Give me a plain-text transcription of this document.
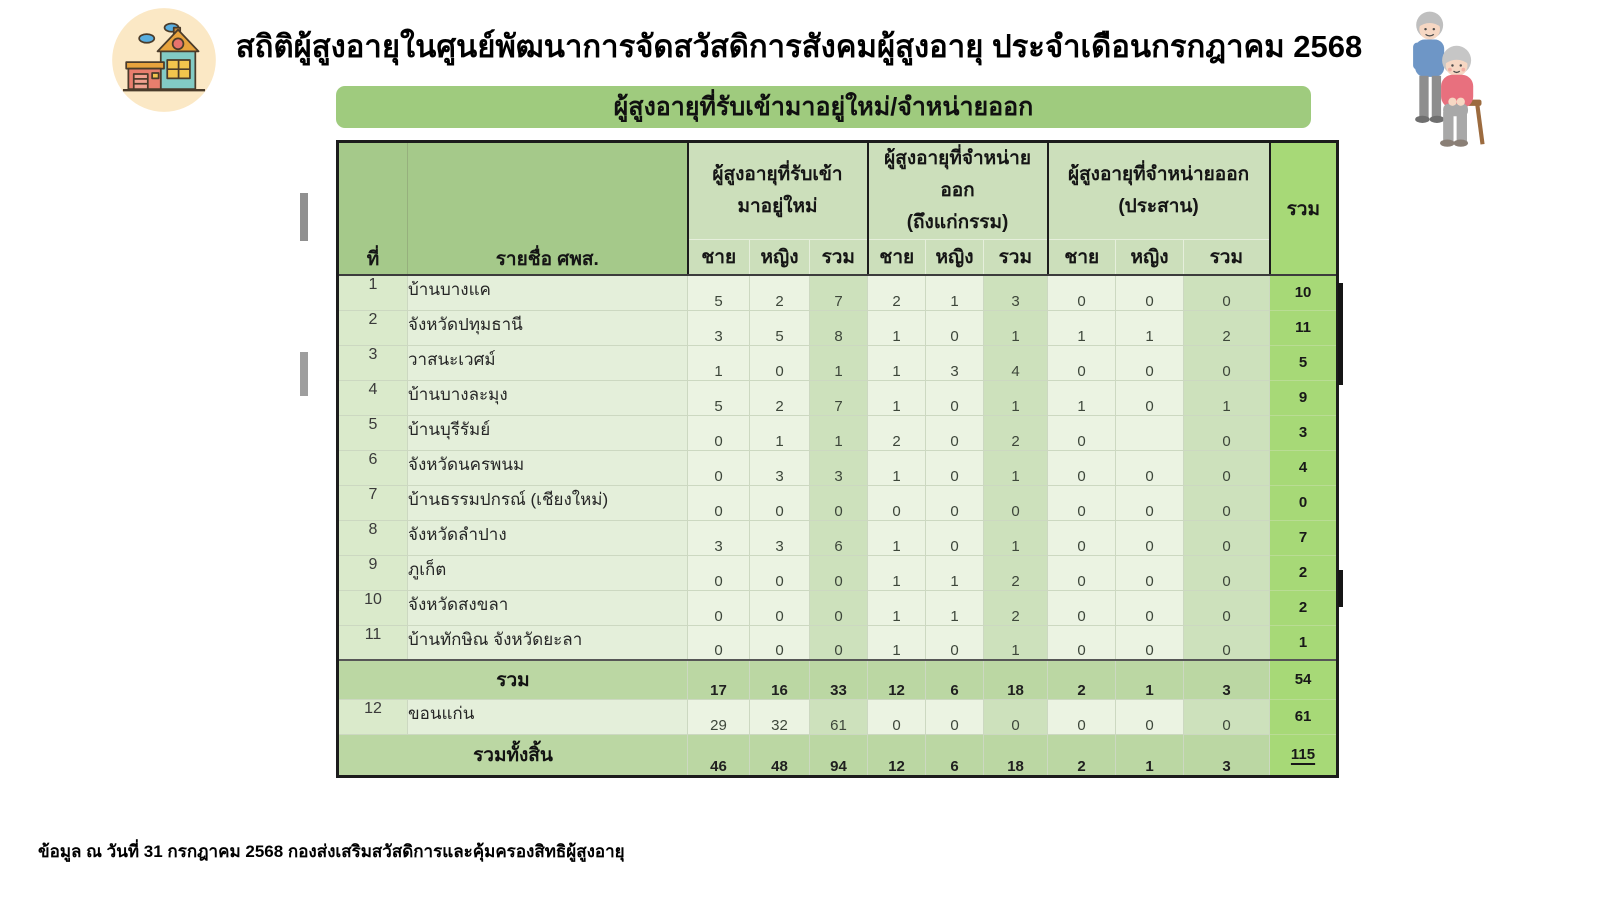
สถิติผู้สูงอายุในศูนย์พัฒนาการจัดสวัสดิการสังคมผู้สูงอายุ ประจำเดือนกรกฎาคม 2568
ผู้สูงอายุที่รับเข้ามาอยู่ใหม่/จำหน่ายออก
ที่	รายชื่อ ศพส.	ผู้สูงอายุที่รับเข้า
มาอยู่ใหม่			ผู้สูงอายุที่จำหน่ายออก
(ถึงแก่กรรม)			ผู้สูงอายุที่จำหน่ายออก
(ประสาน)			รวม
		ชาย	หญิง	รวม	ชาย	หญิง	รวม	ชาย	หญิง	รวม	
1	บ้านบางแค	5	2	7	2	1	3	0	0	0	10
2	จังหวัดปทุมธานี	3	5	8	1	0	1	1	1	2	11
3	วาสนะเวศม์	1	0	1	1	3	4	0	0	0	5
4	บ้านบางละมุง	5	2	7	1	0	1	1	0	1	9
5	บ้านบุรีรัมย์	0	1	1	2	0	2	0		0	3
6	จังหวัดนครพนม	0	3	3	1	0	1	0	0	0	4
7	บ้านธรรมปกรณ์ (เชียงใหม่)	0	0	0	0	0	0	0	0	0	0
8	จังหวัดลำปาง	3	3	6	1	0	1	0	0	0	7
9	ภูเก็ต	0	0	0	1	1	2	0	0	0	2
10	จังหวัดสงขลา	0	0	0	1	1	2	0	0	0	2
11	บ้านทักษิณ จังหวัดยะลา	0	0	0	1	0	1	0	0	0	1
รวม		17	16	33	12	6	18	2	1	3	54
12	ขอนแก่น	29	32	61	0	0	0	0	0	0	61
รวมทั้งสิ้น		46	48	94	12	6	18	2	1	3	115
ข้อมูล ณ วันที่ 31 กรกฎาคม 2568 กองส่งเสริมสวัสดิการและคุ้มครองสิทธิผู้สูงอายุ
